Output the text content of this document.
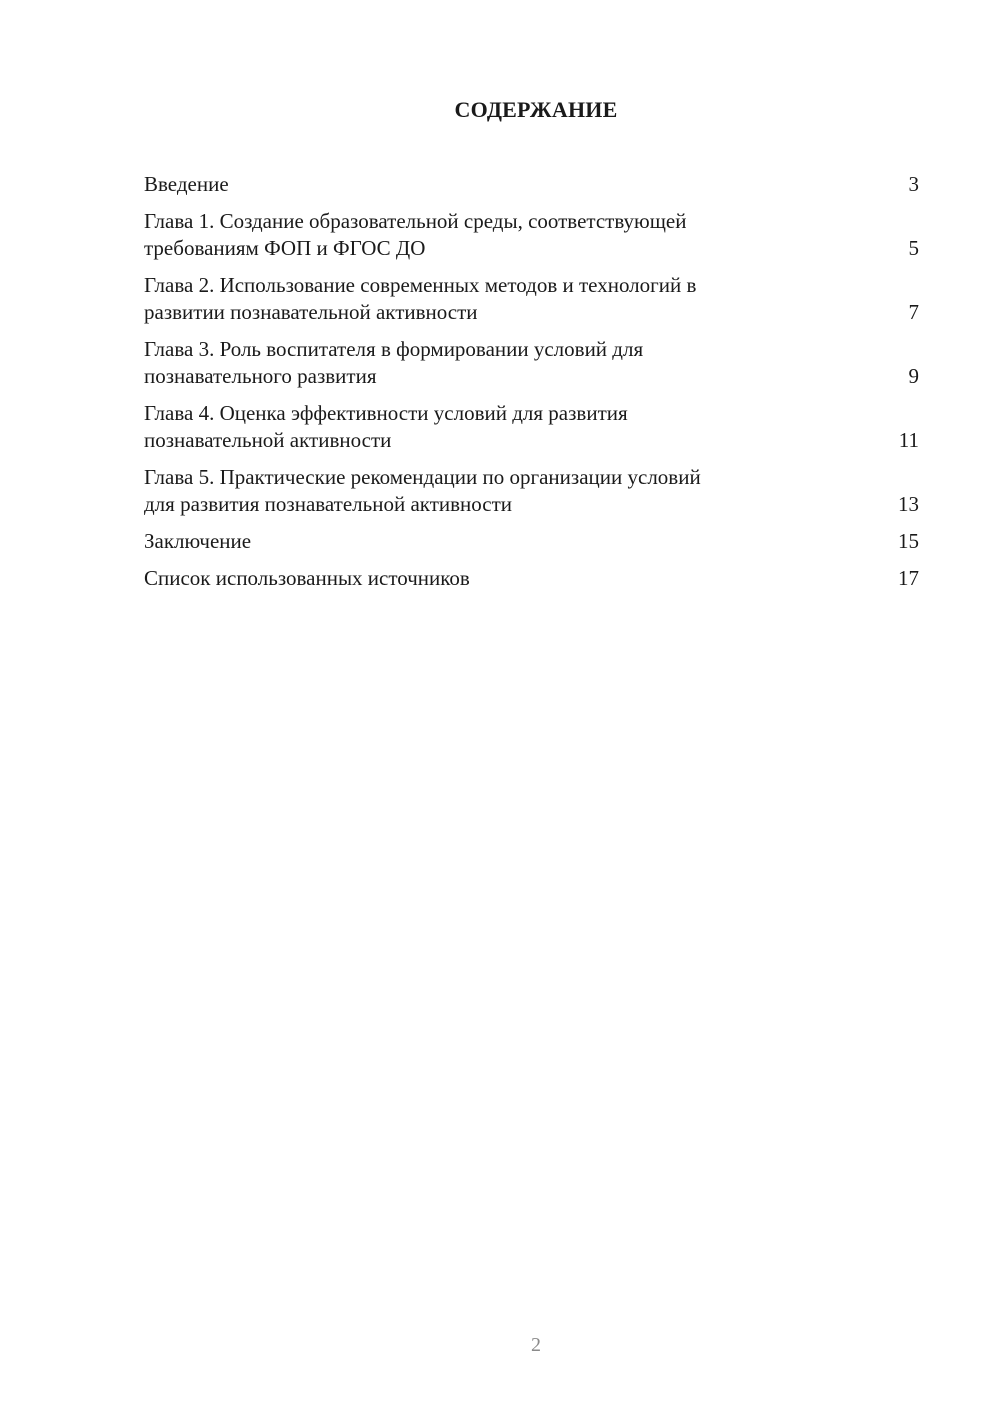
СОДЕРЖАНИЕ
Введение	3
Глава 1. Создание образовательной среды, соответствующей
требованиям ФОП и ФГОС ДО	5
Глава 2. Использование современных методов и технологий в
развитии познавательной активности	7
Глава 3. Роль воспитателя в формировании условий для
познавательного развития	9
Глава 4. Оценка эффективности условий для развития
познавательной активности	11
Глава 5. Практические рекомендации по организации условий
для развития познавательной активности	13
Заключение	15
Список использованных источников	17
2
